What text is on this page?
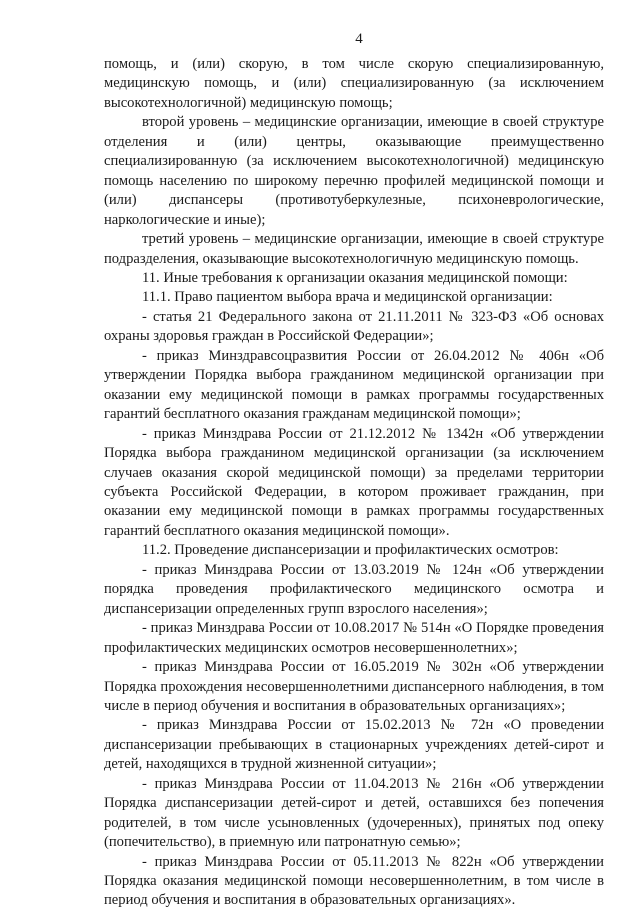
4

помощь, и (или) скорую, в том числе скорую специализированную, медицинскую помощь, и (или) специализированную (за исключением высокотехнологичной) медицинскую помощь;

второй уровень – медицинские организации, имеющие в своей структуре отделения и (или) центры, оказывающие преимущественно специализированную (за исключением высокотехнологичной) медицинскую помощь населению по широкому перечню профилей медицинской помощи и (или) диспансеры (противотуберкулезные, психоневрологические, наркологические и иные);

третий уровень – медицинские организации, имеющие в своей структуре подразделения, оказывающие высокотехнологичную медицинскую помощь.

11. Иные требования к организации оказания медицинской помощи:

11.1. Право пациентом выбора врача и медицинской организации:

- статья 21 Федерального закона от 21.11.2011 № 323-ФЗ «Об основах охраны здоровья граждан в Российской Федерации»;

- приказ Минздравсоцразвития России от 26.04.2012 № 406н «Об утверждении Порядка выбора гражданином медицинской организации при оказании ему медицинской помощи в рамках программы государственных гарантий бесплатного оказания гражданам медицинской помощи»;

- приказ Минздрава России от 21.12.2012 № 1342н «Об утверждении Порядка выбора гражданином медицинской организации (за исключением случаев оказания скорой медицинской помощи) за пределами территории субъекта Российской Федерации, в котором проживает гражданин, при оказании ему медицинской помощи в рамках программы государственных гарантий бесплатного оказания медицинской помощи».

11.2. Проведение диспансеризации и профилактических осмотров:

- приказ Минздрава России от 13.03.2019 № 124н «Об утверждении порядка проведения профилактического медицинского осмотра и диспансеризации определенных групп взрослого населения»;

- приказ Минздрава России от 10.08.2017 № 514н «О Порядке проведения профилактических медицинских осмотров несовершеннолетних»;

- приказ Минздрава России от 16.05.2019 № 302н «Об утверждении Порядка прохождения несовершеннолетними диспансерного наблюдения, в том числе в период обучения и воспитания в образовательных организациях»;

- приказ Минздрава России от 15.02.2013 № 72н «О проведении диспансеризации пребывающих в стационарных учреждениях детей-сирот и детей, находящихся в трудной жизненной ситуации»;

- приказ Минздрава России от 11.04.2013 № 216н «Об утверждении Порядка диспансеризации детей-сирот и детей, оставшихся без попечения родителей, в том числе усыновленных (удочеренных), принятых под опеку (попечительство), в приемную или патронатную семью»;

- приказ Минздрава России от 05.11.2013 № 822н «Об утверждении Порядка оказания медицинской помощи несовершеннолетним, в том числе в период обучения и воспитания в образовательных организациях».
